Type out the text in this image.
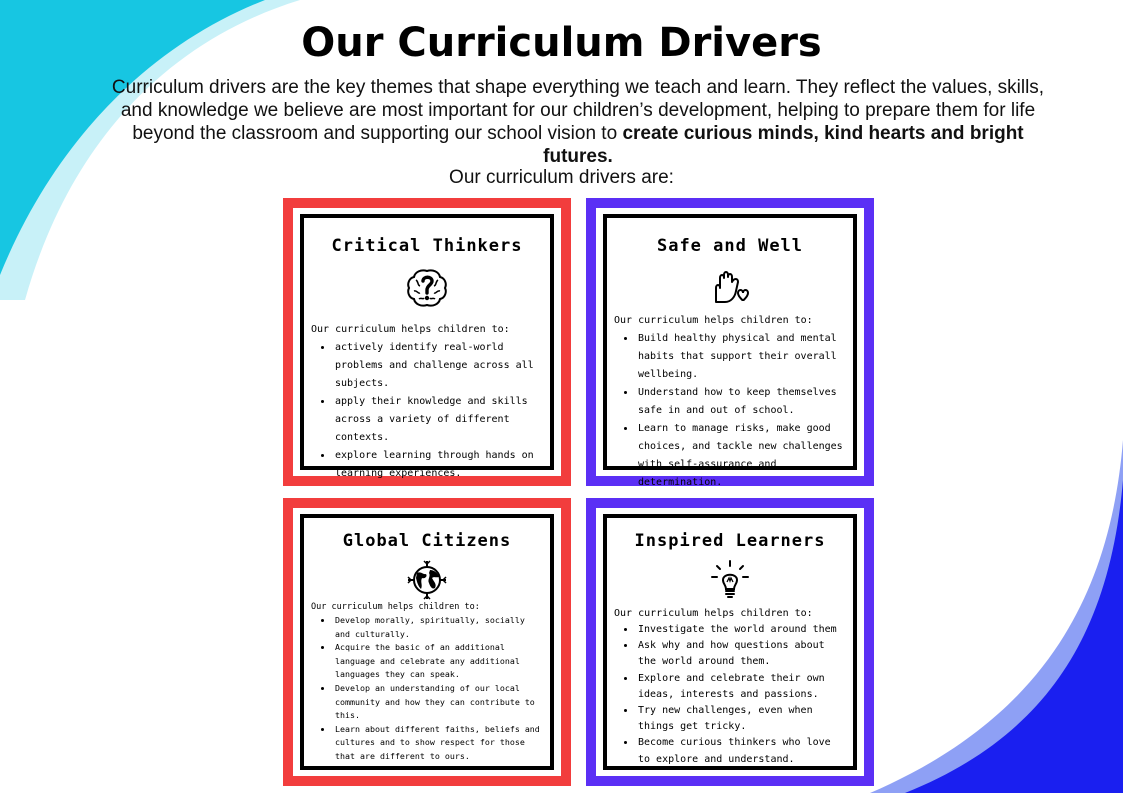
Our Curriculum Drivers

Curriculum drivers are the key themes that shape everything we teach and learn. They reflect the values, skills, and knowledge we believe are most important for our children’s development, helping to prepare them for life beyond the classroom and supporting our school vision to create curious minds, kind hearts and bright futures.

Our curriculum drivers are:

Critical Thinkers

Our curriculum helps children to:

• actively identify real-world problems and challenge across all subjects.
• apply their knowledge and skills across a variety of different contexts.
• explore learning through hands on learning experiences.
Safe and Well

Our curriculum helps children to:

• Build healthy physical and mental habits that support their overall wellbeing.
• Understand how to keep themselves safe in and out of school.
• Learn to manage risks, make good choices, and tackle new challenges with self-assurance and determination.
Global Citizens

Our curriculum helps children to:

• Develop morally, spiritually, socially and culturally.
• Acquire the basic of an additional language and celebrate any additional languages they can speak.
• Develop an understanding of our local community and how they can contribute to this.
• Learn about different faiths, beliefs and cultures and to show respect for those that are different to ours.
Inspired Learners

Our curriculum helps children to:

• Investigate the world around them
• Ask why and how questions about the world around them.
• Explore and celebrate their own ideas, interests and passions.
• Try new challenges, even when things get tricky.
• Become curious thinkers who love to explore and understand.
